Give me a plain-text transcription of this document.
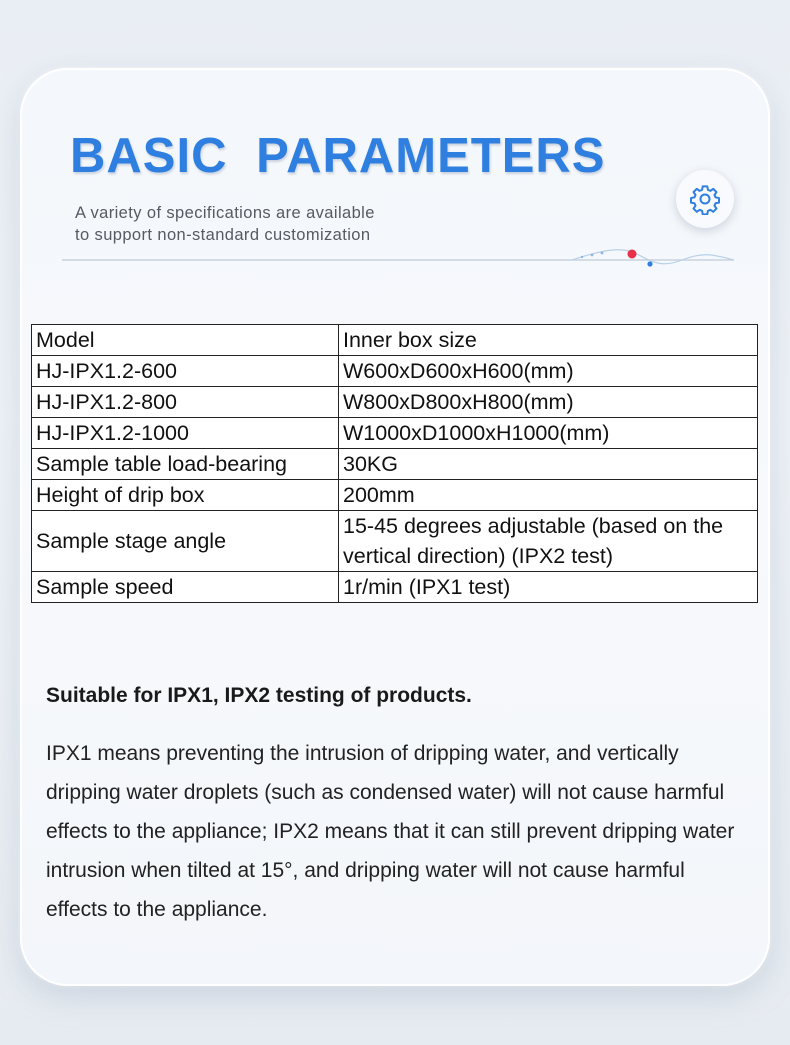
BASIC PARAMETERS
A variety of specifications are available
to support non-standard customization
Model	Inner box size
HJ-IPX1.2-600	W600xD600xH600(mm)
HJ-IPX1.2-800	W800xD800xH800(mm)
HJ-IPX1.2-1000	W1000xD1000xH1000(mm)
Sample table load-bearing	30KG
Height of drip box	200mm
Sample stage angle	15-45 degrees adjustable (based on the vertical direction) (IPX2 test)
Sample speed	1r/min (IPX1 test)

Suitable for IPX1, IPX2 testing of products.

IPX1 means preventing the intrusion of dripping water, and vertically dripping water droplets (such as condensed water) will not cause harmful effects to the appliance; IPX2 means that it can still prevent dripping water intrusion when tilted at 15°, and dripping water will not cause harmful effects to the appliance.
